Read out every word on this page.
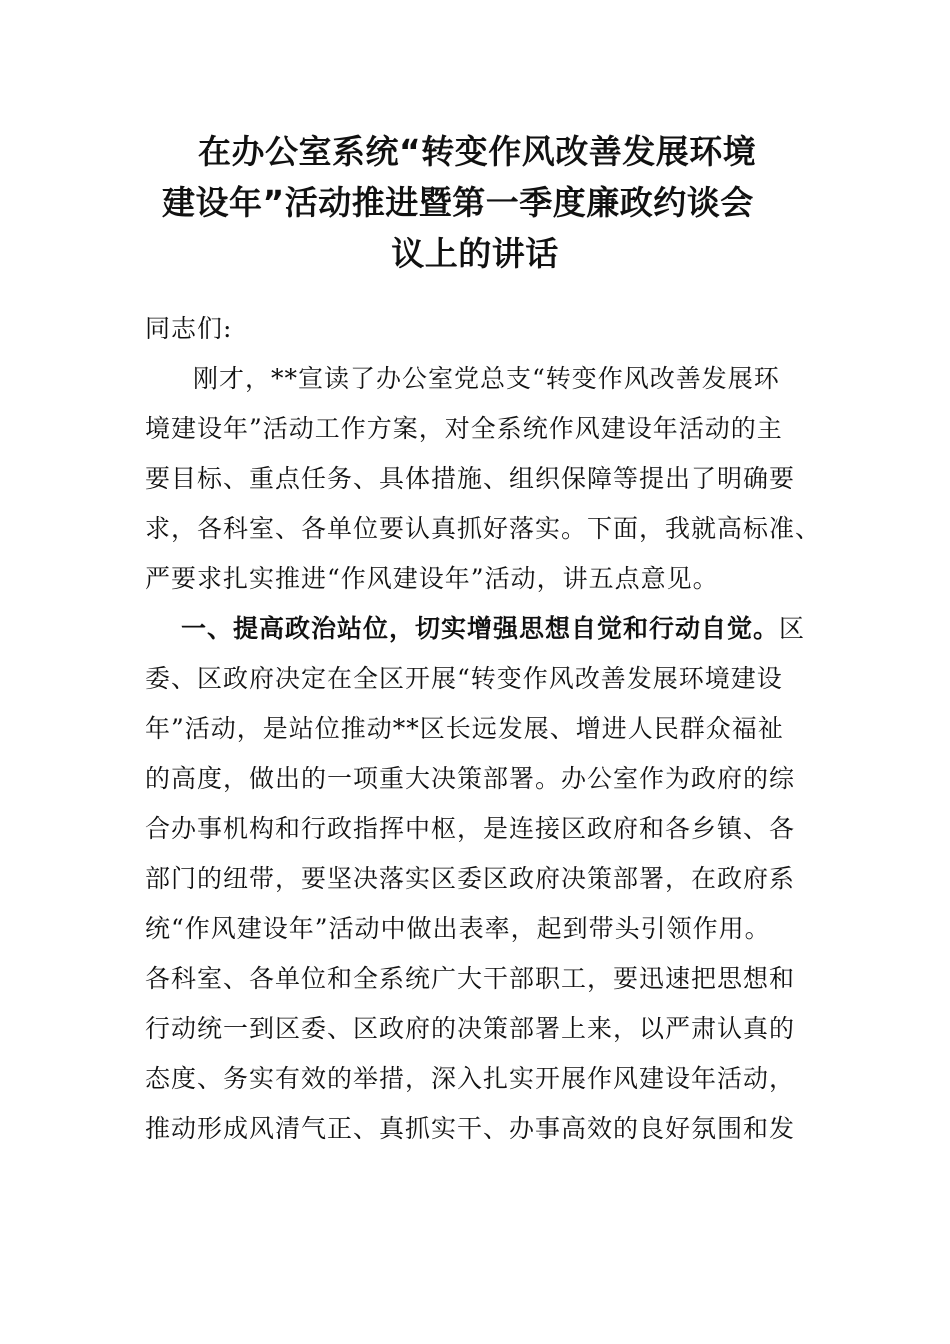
在办公室系统“转变作风改善发展环境
建设年”活动推进暨第一季度廉政约谈会
议上的讲话
同志们:
刚才，**宣读了办公室党总支“转变作风改善发展环
境建设年”活动工作方案，对全系统作风建设年活动的主
要目标、重点任务、具体措施、组织保障等提出了明确要
求，各科室、各单位要认真抓好落实。下面，我就高标准、
严要求扎实推进“作风建设年”活动，讲五点意见。
一、提高政治站位，切实增强思想自觉和行动自觉。区
委、区政府决定在全区开展“转变作风改善发展环境建设
年”活动，是站位推动**区长远发展、增进人民群众福祉
的高度，做出的一项重大决策部署。办公室作为政府的综
合办事机构和行政指挥中枢，是连接区政府和各乡镇、各
部门的纽带，要坚决落实区委区政府决策部署，在政府系
统“作风建设年”活动中做出表率，起到带头引领作用。
各科室、各单位和全系统广大干部职工，要迅速把思想和
行动统一到区委、区政府的决策部署上来，以严肃认真的
态度、务实有效的举措，深入扎实开展作风建设年活动，
推动形成风清气正、真抓实干、办事高效的良好氛围和发
